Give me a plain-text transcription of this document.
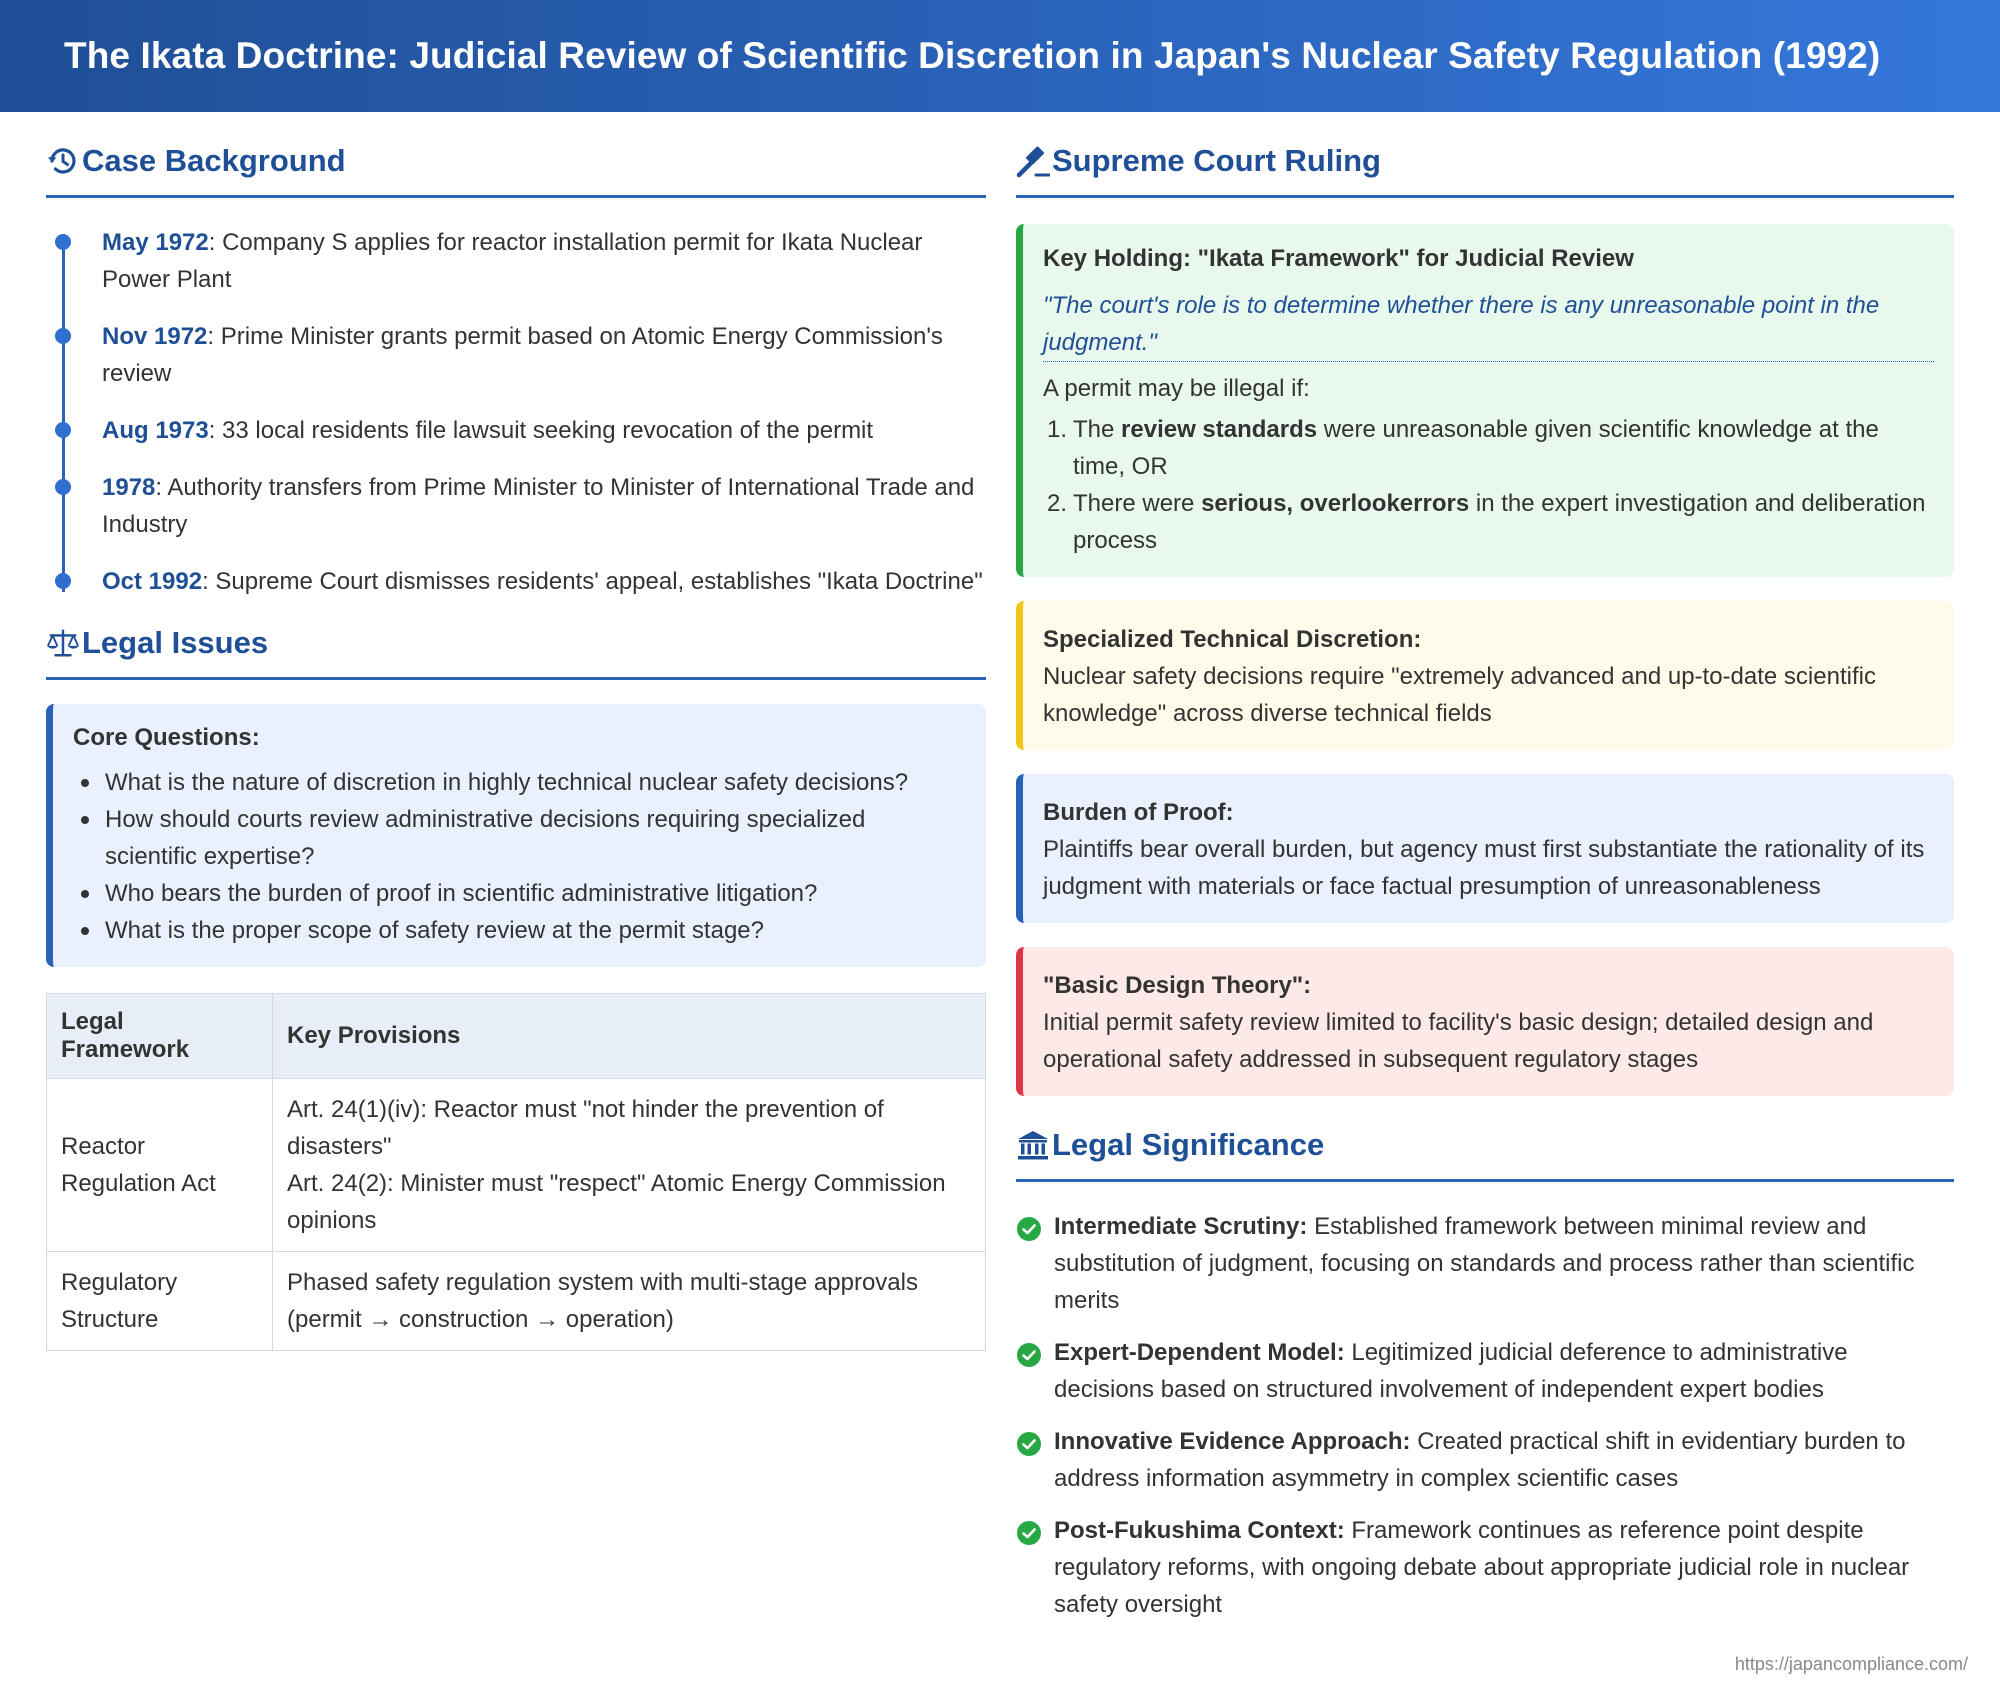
The Ikata Doctrine: Judicial Review of Scientific Discretion in Japan's Nuclear Safety Regulation (1992)
Case Background
May 1972: Company S applies for reactor installation permit for Ikata Nuclear Power Plant
Nov 1972: Prime Minister grants permit based on Atomic Energy Commission's review
Aug 1973: 33 local residents file lawsuit seeking revocation of the permit
1978: Authority transfers from Prime Minister to Minister of International Trade and Industry
Oct 1992: Supreme Court dismisses residents' appeal, establishes "Ikata Doctrine"
Legal Issues
Core Questions:
What is the nature of discretion in highly technical nuclear safety decisions?
How should courts review administrative decisions requiring specialized scientific expertise?
Who bears the burden of proof in scientific administrative litigation?
What is the proper scope of safety review at the permit stage?
Legal Framework	Key Provisions
Reactor Regulation Act	Art. 24(1)(iv): Reactor must "not hinder the prevention of disasters"
Art. 24(2): Minister must "respect" Atomic Energy Commission opinions

Regulatory Structure	Phased safety regulation system with multi-stage approvals (permit → construction → operation)
Supreme Court Ruling
Key Holding: "Ikata Framework" for Judicial Review
"The court's role is to determine whether there is any unreasonable point in the judgment."
A permit may be illegal if:
The review standards were unreasonable given scientific knowledge at the time, OR
There were serious, overlookerrors in the expert investigation and deliberation process
Specialized Technical Discretion:
Nuclear safety decisions require "extremely advanced and up-to-date scientific knowledge" across diverse technical fields
Burden of Proof:
Plaintiffs bear overall burden, but agency must first substantiate the rationality of its judgment with materials or face factual presumption of unreasonableness
"Basic Design Theory":
Initial permit safety review limited to facility's basic design; detailed design and operational safety addressed in subsequent regulatory stages
Legal Significance
Intermediate Scrutiny: Established framework between minimal review and substitution of judgment, focusing on standards and process rather than scientific merits
Expert-Dependent Model: Legitimized judicial deference to administrative decisions based on structured involvement of independent expert bodies
Innovative Evidence Approach: Created practical shift in evidentiary burden to address information asymmetry in complex scientific cases
Post-Fukushima Context: Framework continues as reference point despite regulatory reforms, with ongoing debate about appropriate judicial role in nuclear safety oversight
https://japancompliance.com/
